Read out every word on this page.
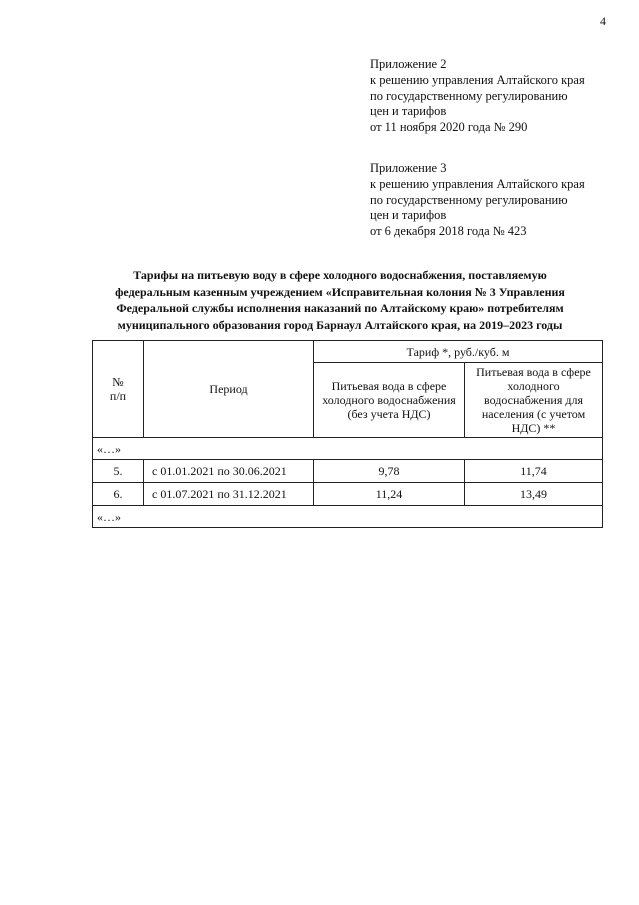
4
Приложение 2
к решению управления Алтайского края
по государственному регулированию
цен и тарифов
от 11 ноября 2020 года № 290
Приложение 3
к решению управления Алтайского края
по государственному регулированию
цен и тарифов
от 6 декабря 2018 года № 423
Тарифы на питьевую воду в сфере холодного водоснабжения, поставляемую
федеральным казенным учреждением «Исправительная колония № 3 Управления
Федеральной службы исполнения наказаний по Алтайскому краю» потребителям
муниципального образования город Барнаул Алтайского края, на 2019–2023 годы
№
п/п	Период	Тариф *, руб./куб. м	
		Питьевая вода в сфере холодного водоснабжения (без учета НДС)	Питьевая вода в сфере холодного водоснабжения для населения (с учетом НДС) **
«…»			
5.	с 01.01.2021 по 30.06.2021	9,78	11,74
6.	с 01.07.2021 по 31.12.2021	11,24	13,49
«…»			
